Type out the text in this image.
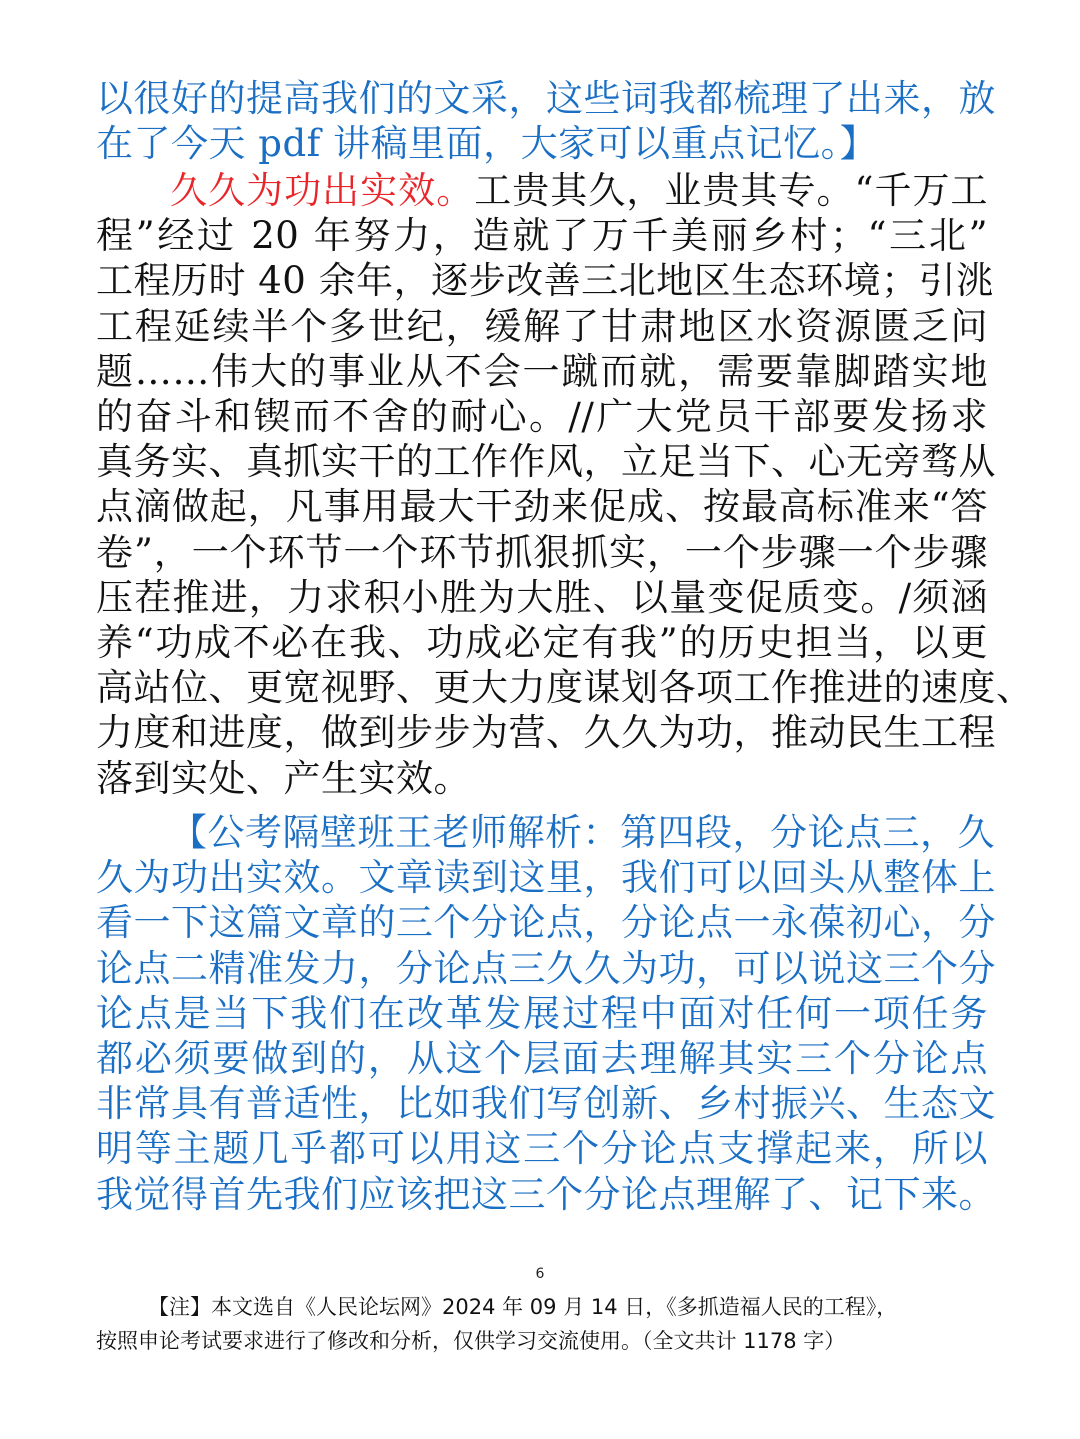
以很好的提高我们的文采，这些词我都梳理了出来，放
在了今天 pdf 讲稿里面，大家可以重点记忆。】
久久为功出实效。工贵其久，业贵其专。“千万工
程”经过 20 年努力，造就了万千美丽乡村；“三北”
工程历时 40 余年，逐步改善三北地区生态环境；引洮
工程延续半个多世纪，缓解了甘肃地区水资源匮乏问
题……伟大的事业从不会一蹴而就，需要靠脚踏实地
的奋斗和锲而不舍的耐心。//广大党员干部要发扬求
真务实、真抓实干的工作作风，立足当下、心无旁骛从
点滴做起，凡事用最大干劲来促成、按最高标准来“答
卷”，一个环节一个环节抓狠抓实，一个步骤一个步骤
压茬推进，力求积小胜为大胜、以量变促质变。/须涵
养“功成不必在我、功成必定有我”的历史担当，以更
高站位、更宽视野、更大力度谋划各项工作推进的速度、
力度和进度，做到步步为营、久久为功，推动民生工程
落到实处、产生实效。
【公考隔壁班王老师解析：第四段，分论点三，久
久为功出实效。文章读到这里，我们可以回头从整体上
看一下这篇文章的三个分论点，分论点一永葆初心，分
论点二精准发力，分论点三久久为功，可以说这三个分
论点是当下我们在改革发展过程中面对任何一项任务
都必须要做到的，从这个层面去理解其实三个分论点
非常具有普适性，比如我们写创新、乡村振兴、生态文
明等主题几乎都可以用这三个分论点支撑起来，所以
我觉得首先我们应该把这三个分论点理解了、记下来。
6

【注】本文选自《人民论坛网》2024 年 09 月 14 日，《多抓造福人民的工程》，

按照申论考试要求进行了修改和分析，仅供学习交流使用。（全文共计 1178 字）
